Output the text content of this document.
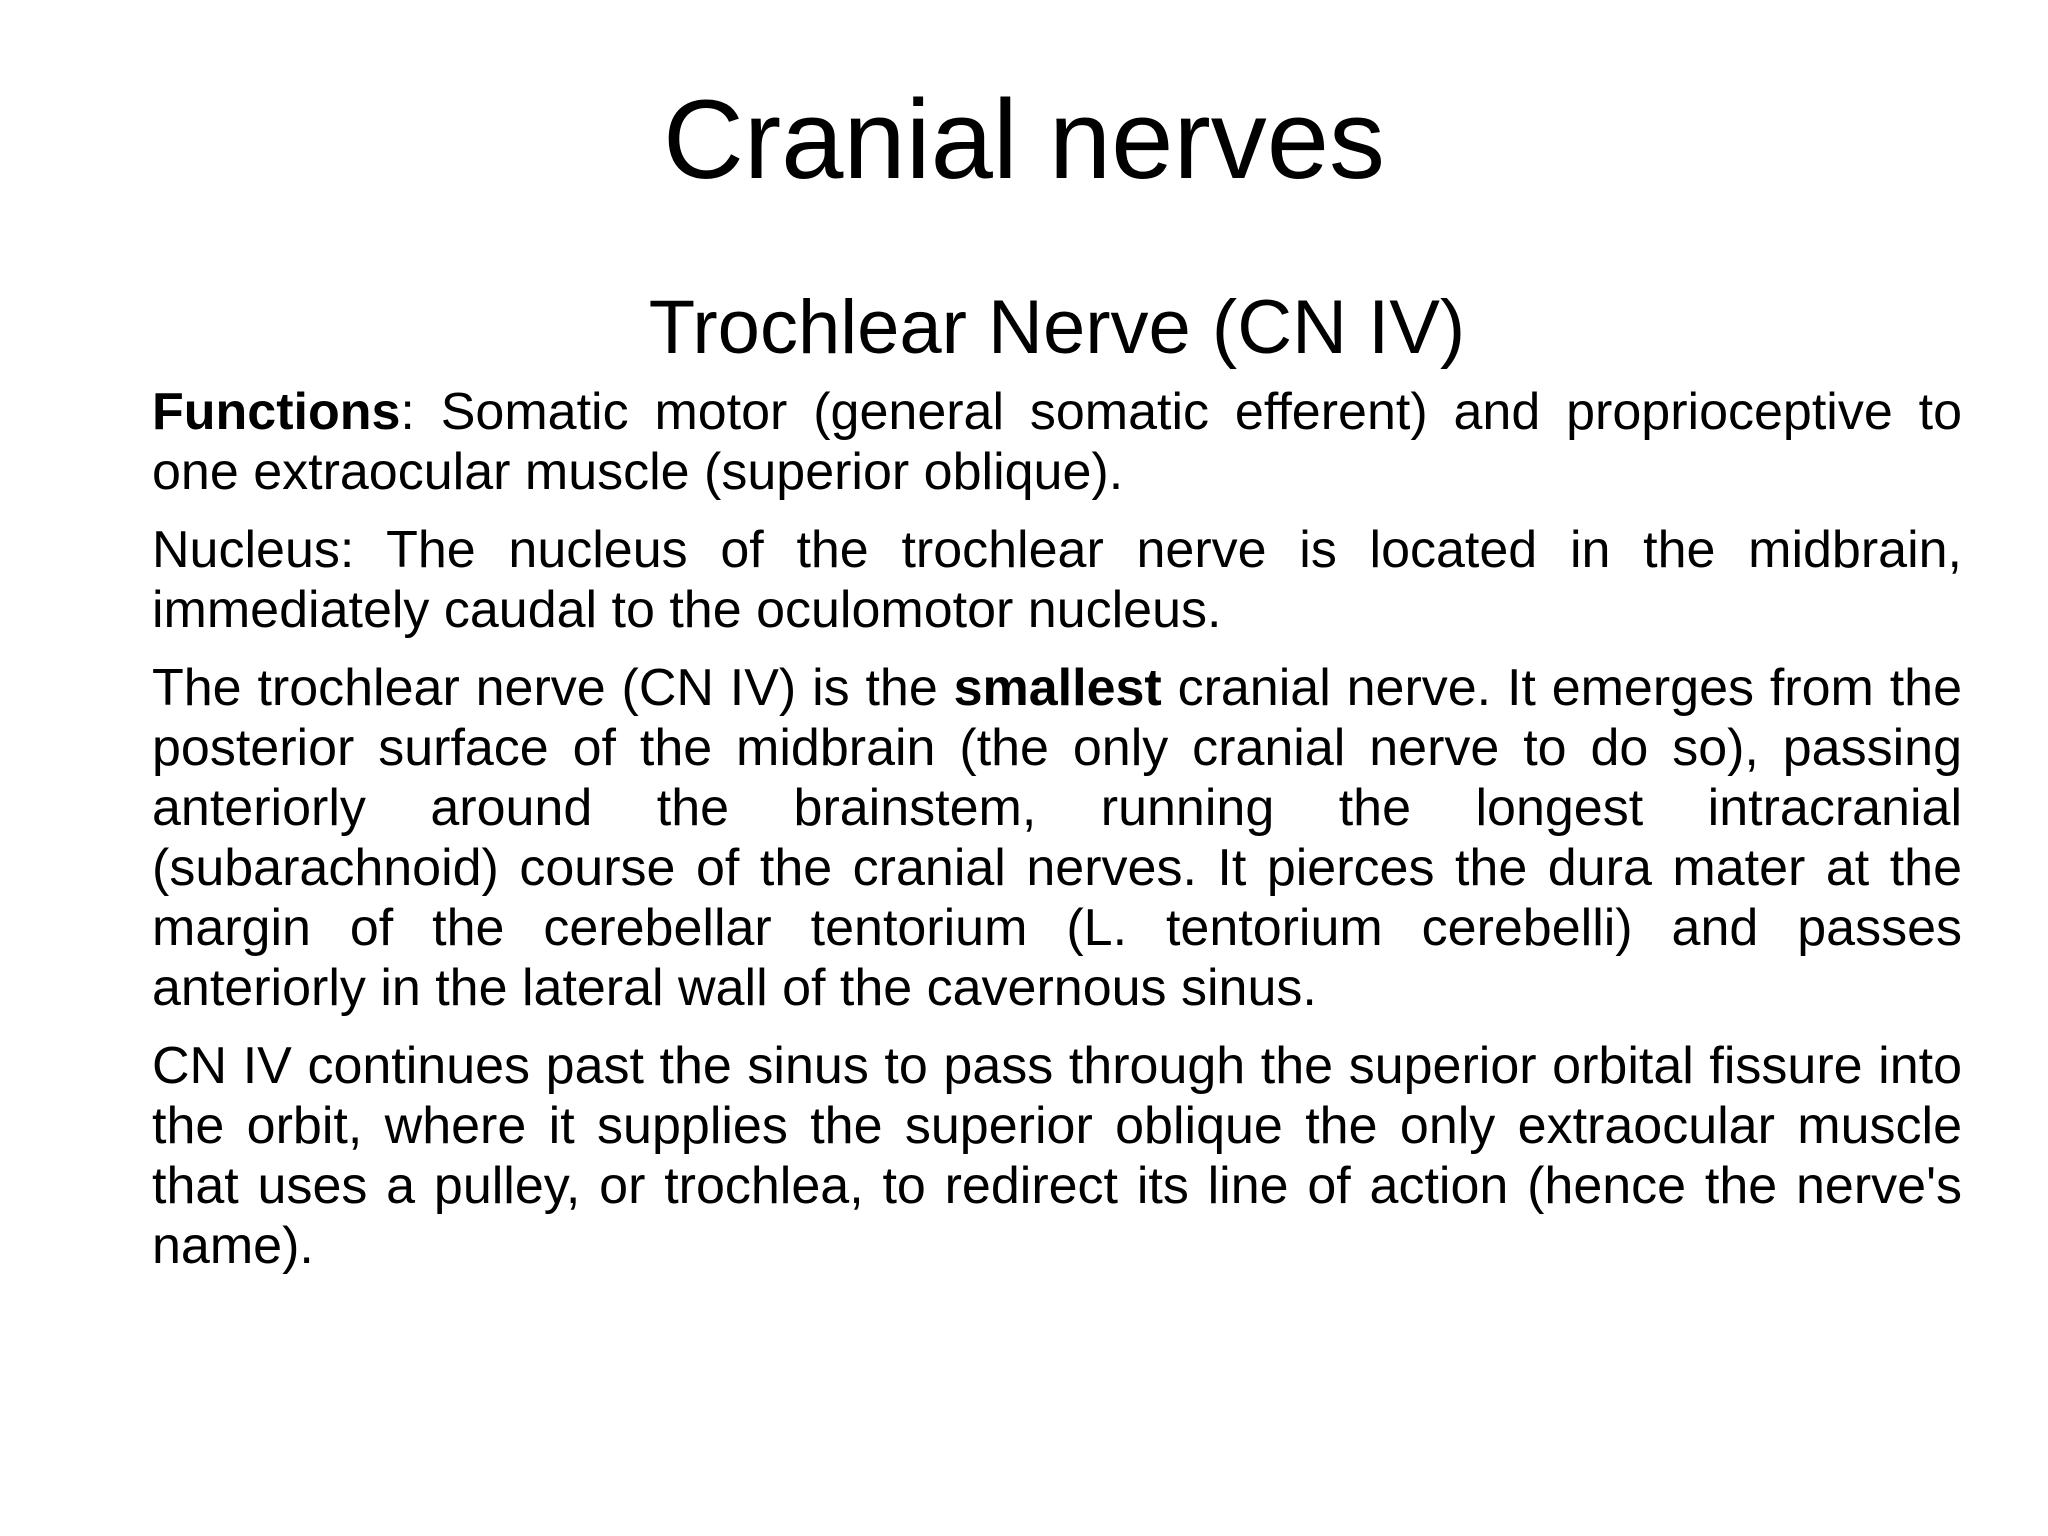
Cranial nerves
Trochlear Nerve (CN IV)

Functions: Somatic motor (general somatic efferent) and proprioceptive to one extraocular muscle (superior oblique).

Nucleus: The nucleus of the trochlear nerve is located in the midbrain, immediately caudal to the oculomotor nucleus.

The trochlear nerve (CN IV) is the smallest cranial nerve. It emerges from the posterior surface of the midbrain (the only cranial nerve to do so), passing anteriorly around the brainstem, running the longest intracranial (subarachnoid) course of the cranial nerves. It pierces the dura mater at the margin of the cerebellar tentorium (L. tentorium cerebelli) and passes anteriorly in the lateral wall of the cavernous sinus.

CN IV continues past the sinus to pass through the superior orbital fissure into the orbit, where it supplies the superior oblique the only extraocular muscle that uses a pulley, or trochlea, to redirect its line of action (hence the nerve's name).
